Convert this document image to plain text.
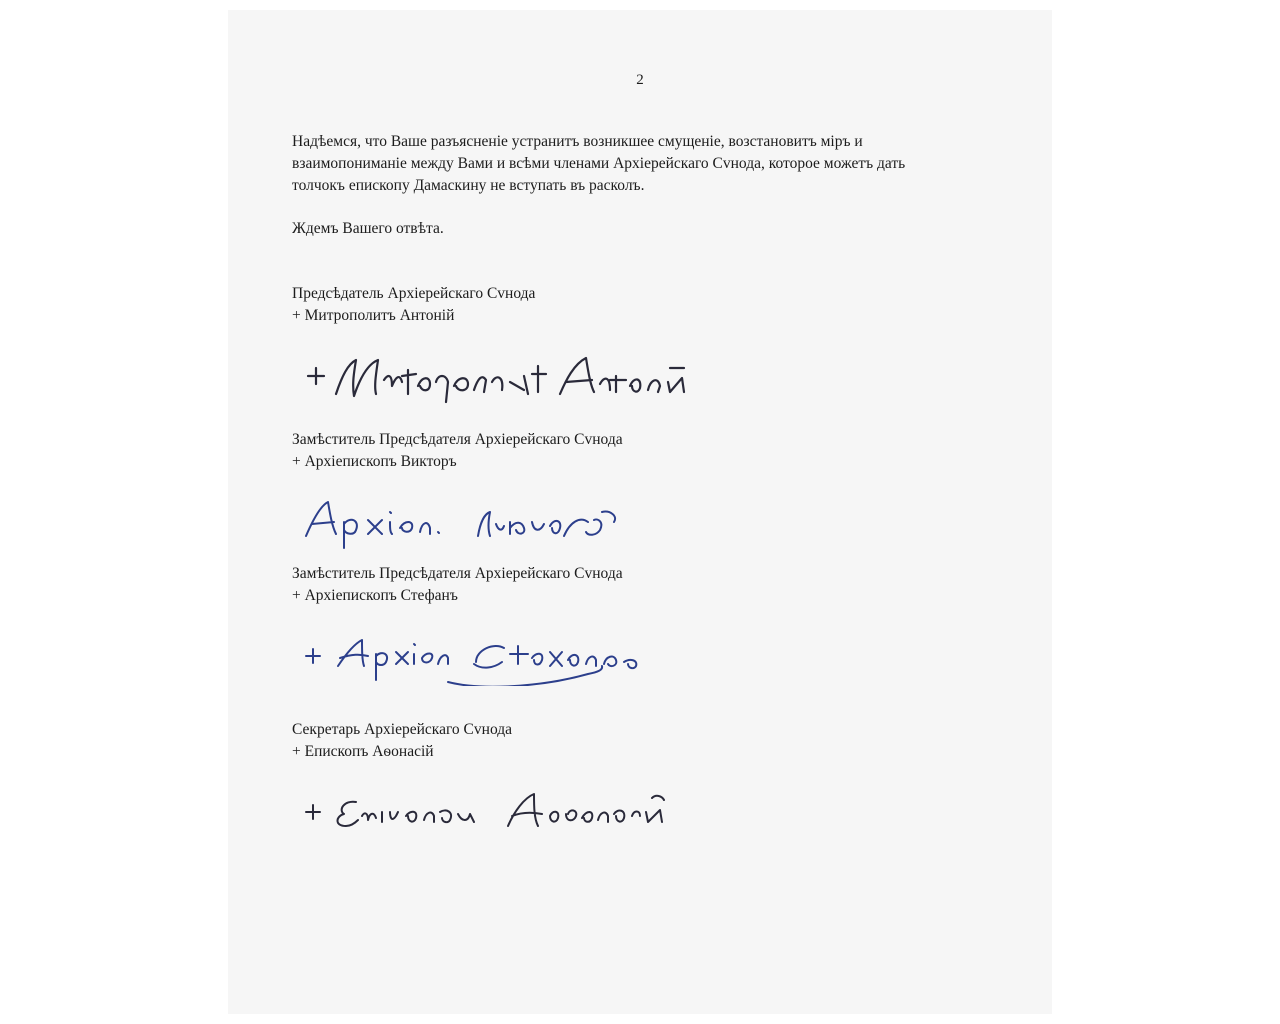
2
Надѣемся, что Ваше разъясненіе устранитъ возникшее смущеніе, возстановитъ міръ и
взаимопониманіе между Вами и всѣми членами Архіерейскаго Сvнода, которое можетъ дать
толчокъ епископу Дамаскину не вступать въ расколъ.
Ждемъ Вашего отвѣта.
Предсѣдатель Архіерейскаго Сvнода
+ Митрополитъ Антоній
Замѣститель Предсѣдателя Архіерейскаго Сvнода
+ Архіепископъ Викторъ
Замѣститель Предсѣдателя Архіерейскаго Сvнода
+ Архіепископъ Стефанъ
Секретарь Архіерейскаго Сvнода
+ Епископъ Аѳонасій
